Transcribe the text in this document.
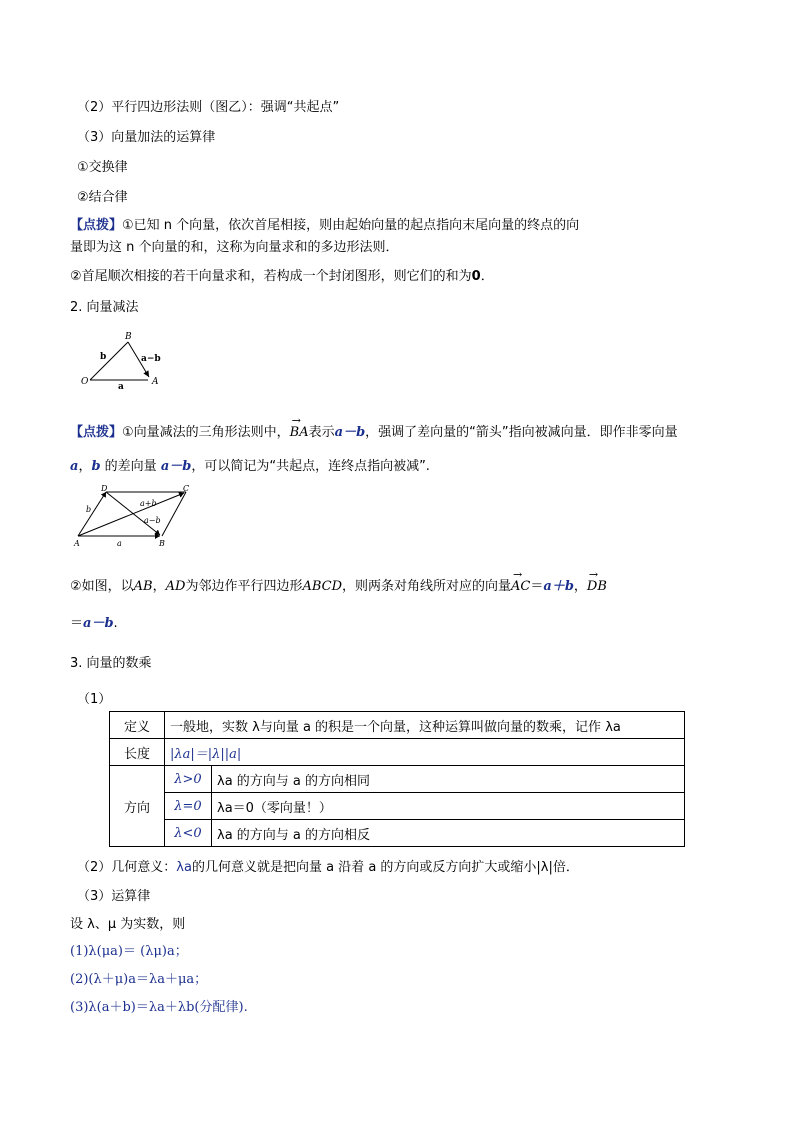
（2）平行四边形法则（图乙）：强调“共起点”
（3）向量加法的运算律
①交换律
②结合律
【点拨】①已知 n 个向量，依次首尾相接，则由起始向量的起点指向末尾向量的终点的向
量即为这 n 个向量的和，这称为向量求和的多边形法则．
②首尾顺次相接的若干向量求和，若构成一个封闭图形，则它们的和为0．
2. 向量减法
B
O	A
b	a−b
a
【点拨】①向量减法的三角形法则中，→ BA表示a－b，强调了差向量的“箭头”指向被减向量．即作非零向量
a，b 的差向量 a－b，可以简记为“共起点，连终点指向被减”.
D	C
A	B
a+b
a−b
b
a
②如图，以AB，AD为邻边作平行四边形ABCD，则两条对角线所对应的向量→ AC＝a＋b，→ DB
＝a－b.
3. 向量的数乘
（1）
定义	一般地，实数 λ与向量 a 的积是一个向量，这种运算叫做向量的数乘，记作 λa	
长度	|λa|＝|λ||a|	
方向	λ>0	λa 的方向与 a 的方向相同
	λ=0	λa＝0（零向量！）
	λ<0	λa 的方向与 a 的方向相反
（2）几何意义：λa的几何意义就是把向量 a 沿着 a 的方向或反方向扩大或缩小|λ|倍．
（3）运算律
设 λ、μ 为实数，则
(1)λ(μa)＝ (λμ)a；
(2)(λ＋μ)a＝λa＋μa；
(3)λ(a＋b)＝λa＋λb(分配律).
